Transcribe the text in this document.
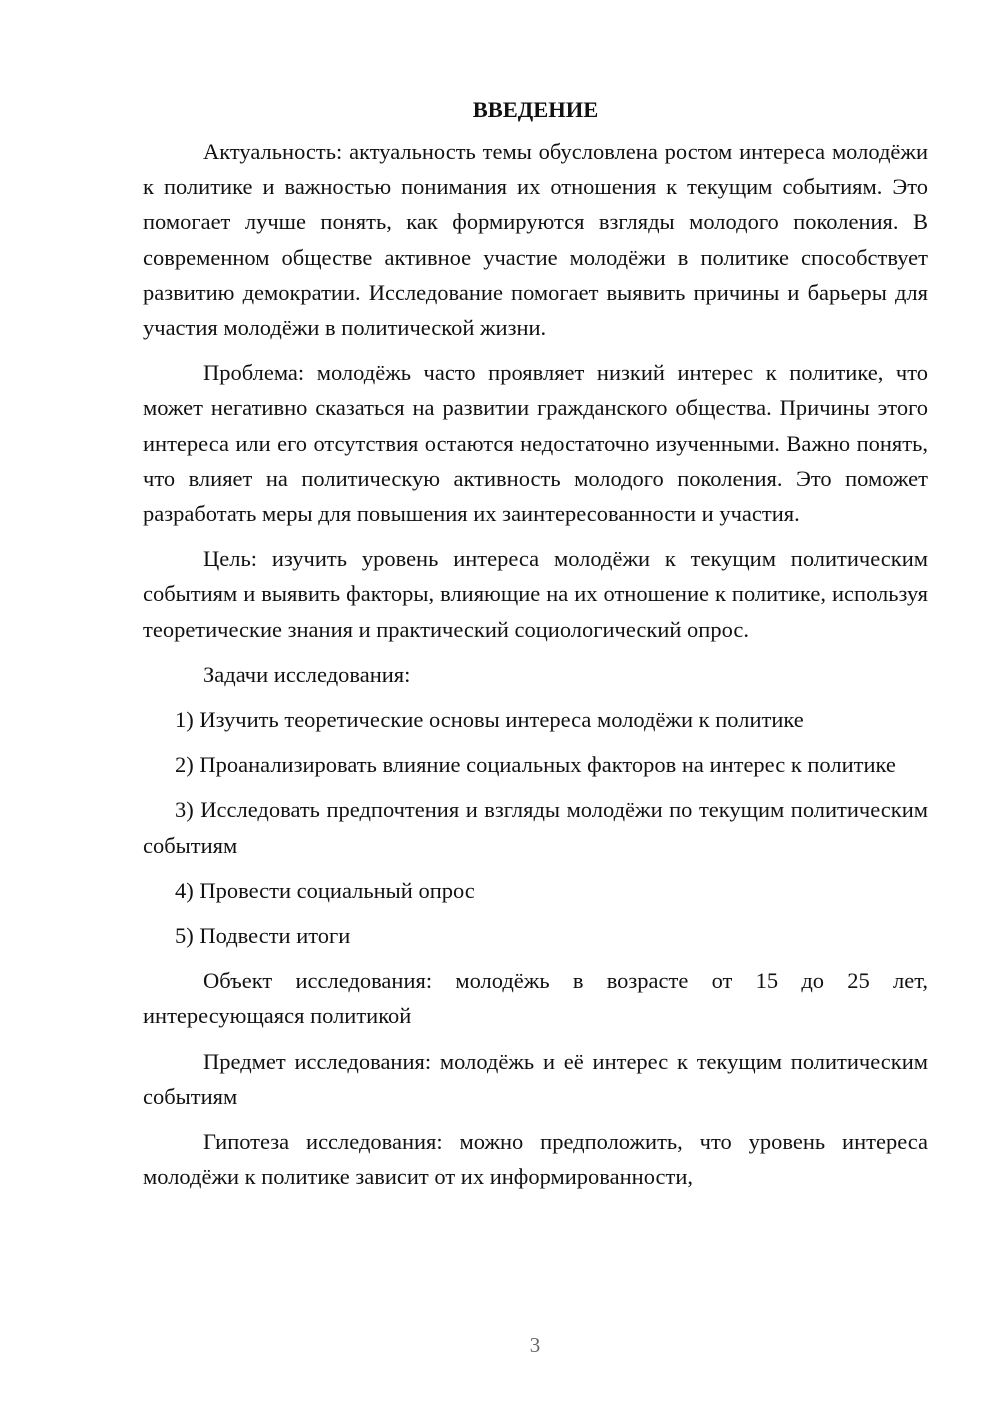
ВВЕДЕНИЕ

Актуальность: актуальность темы обусловлена ростом интереса молодёжи к политике и важностью понимания их отношения к текущим событиям. Это помогает лучше понять, как формируются взгляды молодого поколения. В современном обществе активное участие молодёжи в политике способствует развитию демократии. Исследование помогает выявить причины и барьеры для участия молодёжи в политической жизни.

Проблема: молодёжь часто проявляет низкий интерес к политике, что может негативно сказаться на развитии гражданского общества. Причины этого интереса или его отсутствия остаются недостаточно изученными. Важно понять, что влияет на политическую активность молодого поколения. Это поможет разработать меры для повышения их заинтересованности и участия.

Цель: изучить уровень интереса молодёжи к текущим политическим событиям и выявить факторы, влияющие на их отношение к политике, используя теоретические знания и практический социологический опрос.

Задачи исследования:

1) Изучить теоретические основы интереса молодёжи к политике

2) Проанализировать влияние социальных факторов на интерес к политике

3) Исследовать предпочтения и взгляды молодёжи по текущим политическим событиям

4) Провести социальный опрос

5) Подвести итоги

Объект исследования: молодёжь в возрасте от 15 до 25 лет, интересующаяся политикой

Предмет исследования: молодёжь и её интерес к текущим политическим событиям

Гипотеза исследования: можно предположить, что уровень интереса молодёжи к политике зависит от их информированности,

3
